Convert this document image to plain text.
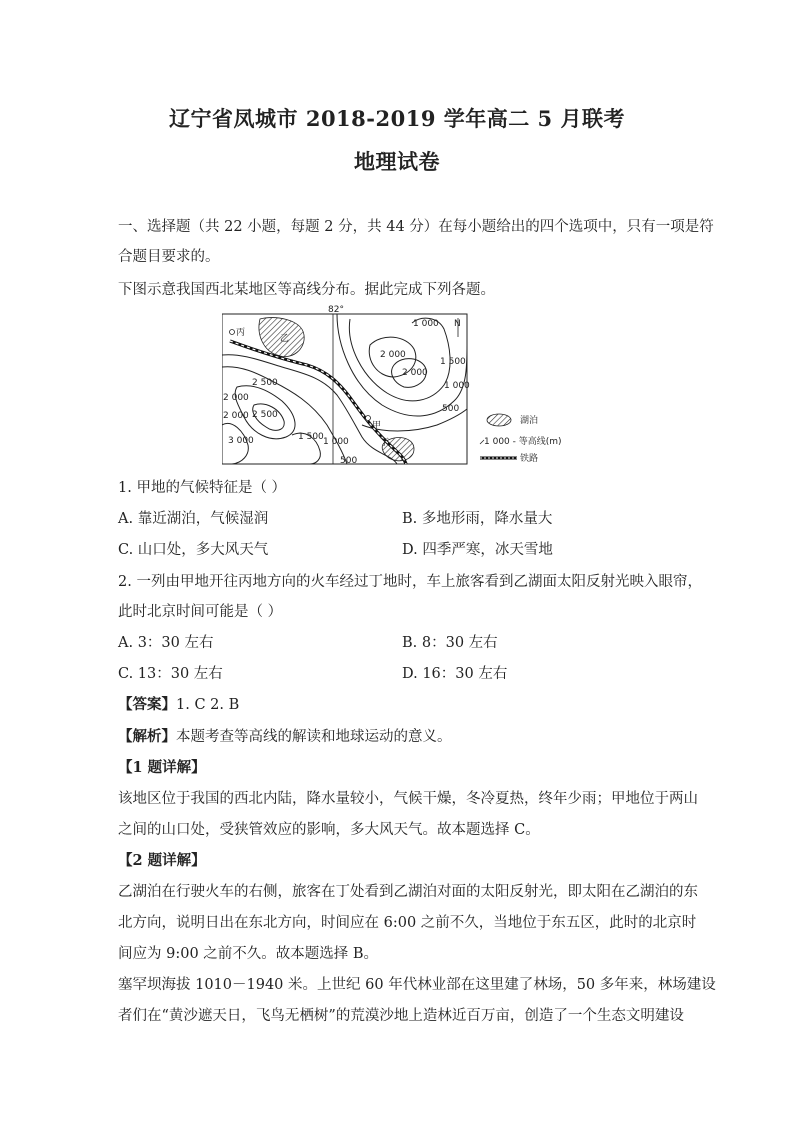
辽宁省凤城市 2018-2019 学年高二 5 月联考
地理试卷
一、选择题（共 22 小题，每题 2 分，共 44 分）在每小题给出的四个选项中，只有一项是符
合题目要求的。
下图示意我国西北某地区等高线分布。据此完成下列各题。
82°
N
丙
乙
甲
丁
1 000
2 000
2 000
1 500
1 000
500
2 500
2 000
2 000 2 500
3 000	1 500 1 000
500
湖泊
1 000 - 等高线(m)
铁路
1. 甲地的气候特征是（ ）
A. 靠近湖泊，气候湿润	B. 多地形雨，降水量大
C. 山口处，多大风天气	D. 四季严寒，冰天雪地
2. 一列由甲地开往丙地方向的火车经过丁地时，车上旅客看到乙湖面太阳反射光映入眼帘，
此时北京时间可能是（ ）
A. 3：30 左右	B. 8：30 左右
C. 13：30 左右	D. 16：30 左右
【答案】1. C 2. B
【解析】本题考查等高线的解读和地球运动的意义。
【1 题详解】
该地区位于我国的西北内陆，降水量较小，气候干燥，冬冷夏热，终年少雨；甲地位于两山
之间的山口处，受狭管效应的影响，多大风天气。故本题选择 C。
【2 题详解】
乙湖泊在行驶火车的右侧，旅客在丁处看到乙湖泊对面的太阳反射光，即太阳在乙湖泊的东
北方向，说明日出在东北方向，时间应在 6:00 之前不久，当地位于东五区，此时的北京时
间应为 9:00 之前不久。故本题选择 B。
塞罕坝海拔 1010－1940 米。上世纪 60 年代林业部在这里建了林场，50 多年来，林场建设
者们在“黄沙遮天日，飞鸟无栖树”的荒漠沙地上造林近百万亩，创造了一个生态文明建设
